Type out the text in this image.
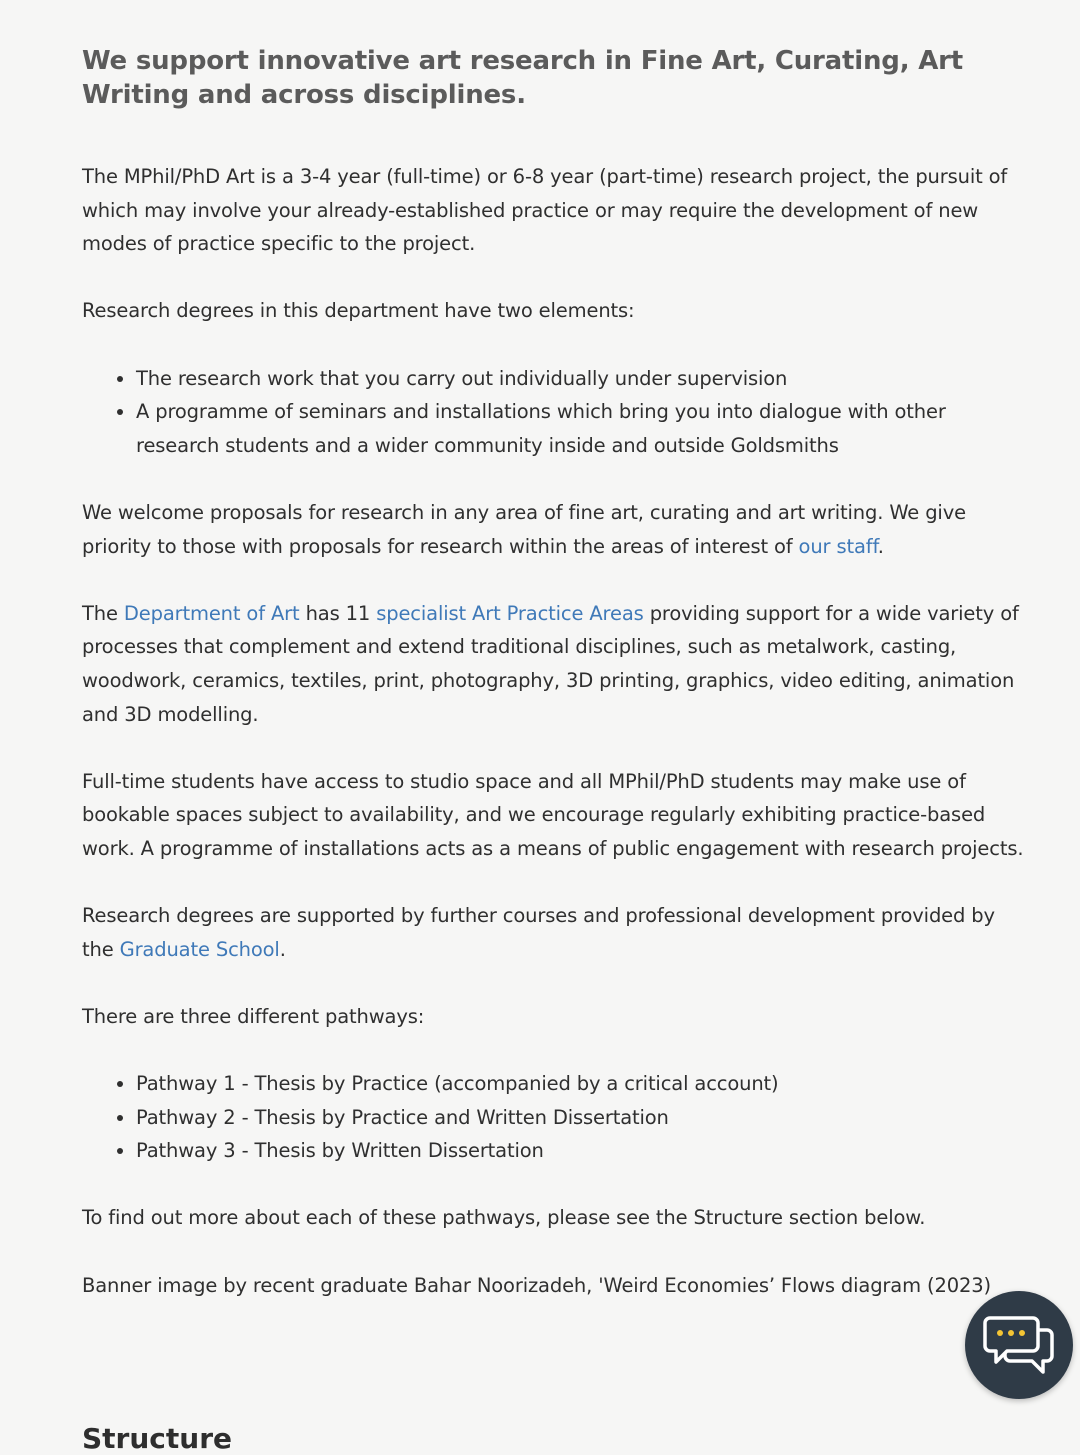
We support innovative art research in Fine Art, Curating, Art Writing and across disciplines.

The MPhil/PhD Art is a 3-4 year (full-time) or 6-8 year (part-time) research project, the pursuit of which may involve your already-established practice or may require the development of new modes of practice specific to the project.

Research degrees in this department have two elements:

• The research work that you carry out individually under supervision
• A programme of seminars and installations which bring you into dialogue with other research students and a wider community inside and outside Goldsmiths

We welcome proposals for research in any area of fine art, curating and art writing. We give priority to those with proposals for research within the areas of interest of our staff.

The Department of Art has 11 specialist Art Practice Areas providing support for a wide variety of processes that complement and extend traditional disciplines, such as metalwork, casting, woodwork, ceramics, textiles, print, photography, 3D printing, graphics, video editing, animation and 3D modelling.

Full-time students have access to studio space and all MPhil/PhD students may make use of bookable spaces subject to availability, and we encourage regularly exhibiting practice-based work. A programme of installations acts as a means of public engagement with research projects.

Research degrees are supported by further courses and professional development provided by the Graduate School.

There are three different pathways:

• Pathway 1 - Thesis by Practice (accompanied by a critical account)
• Pathway 2 - Thesis by Practice and Written Dissertation
• Pathway 3 - Thesis by Written Dissertation

To find out more about each of these pathways, please see the Structure section below.

Banner image by recent graduate Bahar Noorizadeh, 'Weird Economies’ Flows diagram (2023)

Structure
